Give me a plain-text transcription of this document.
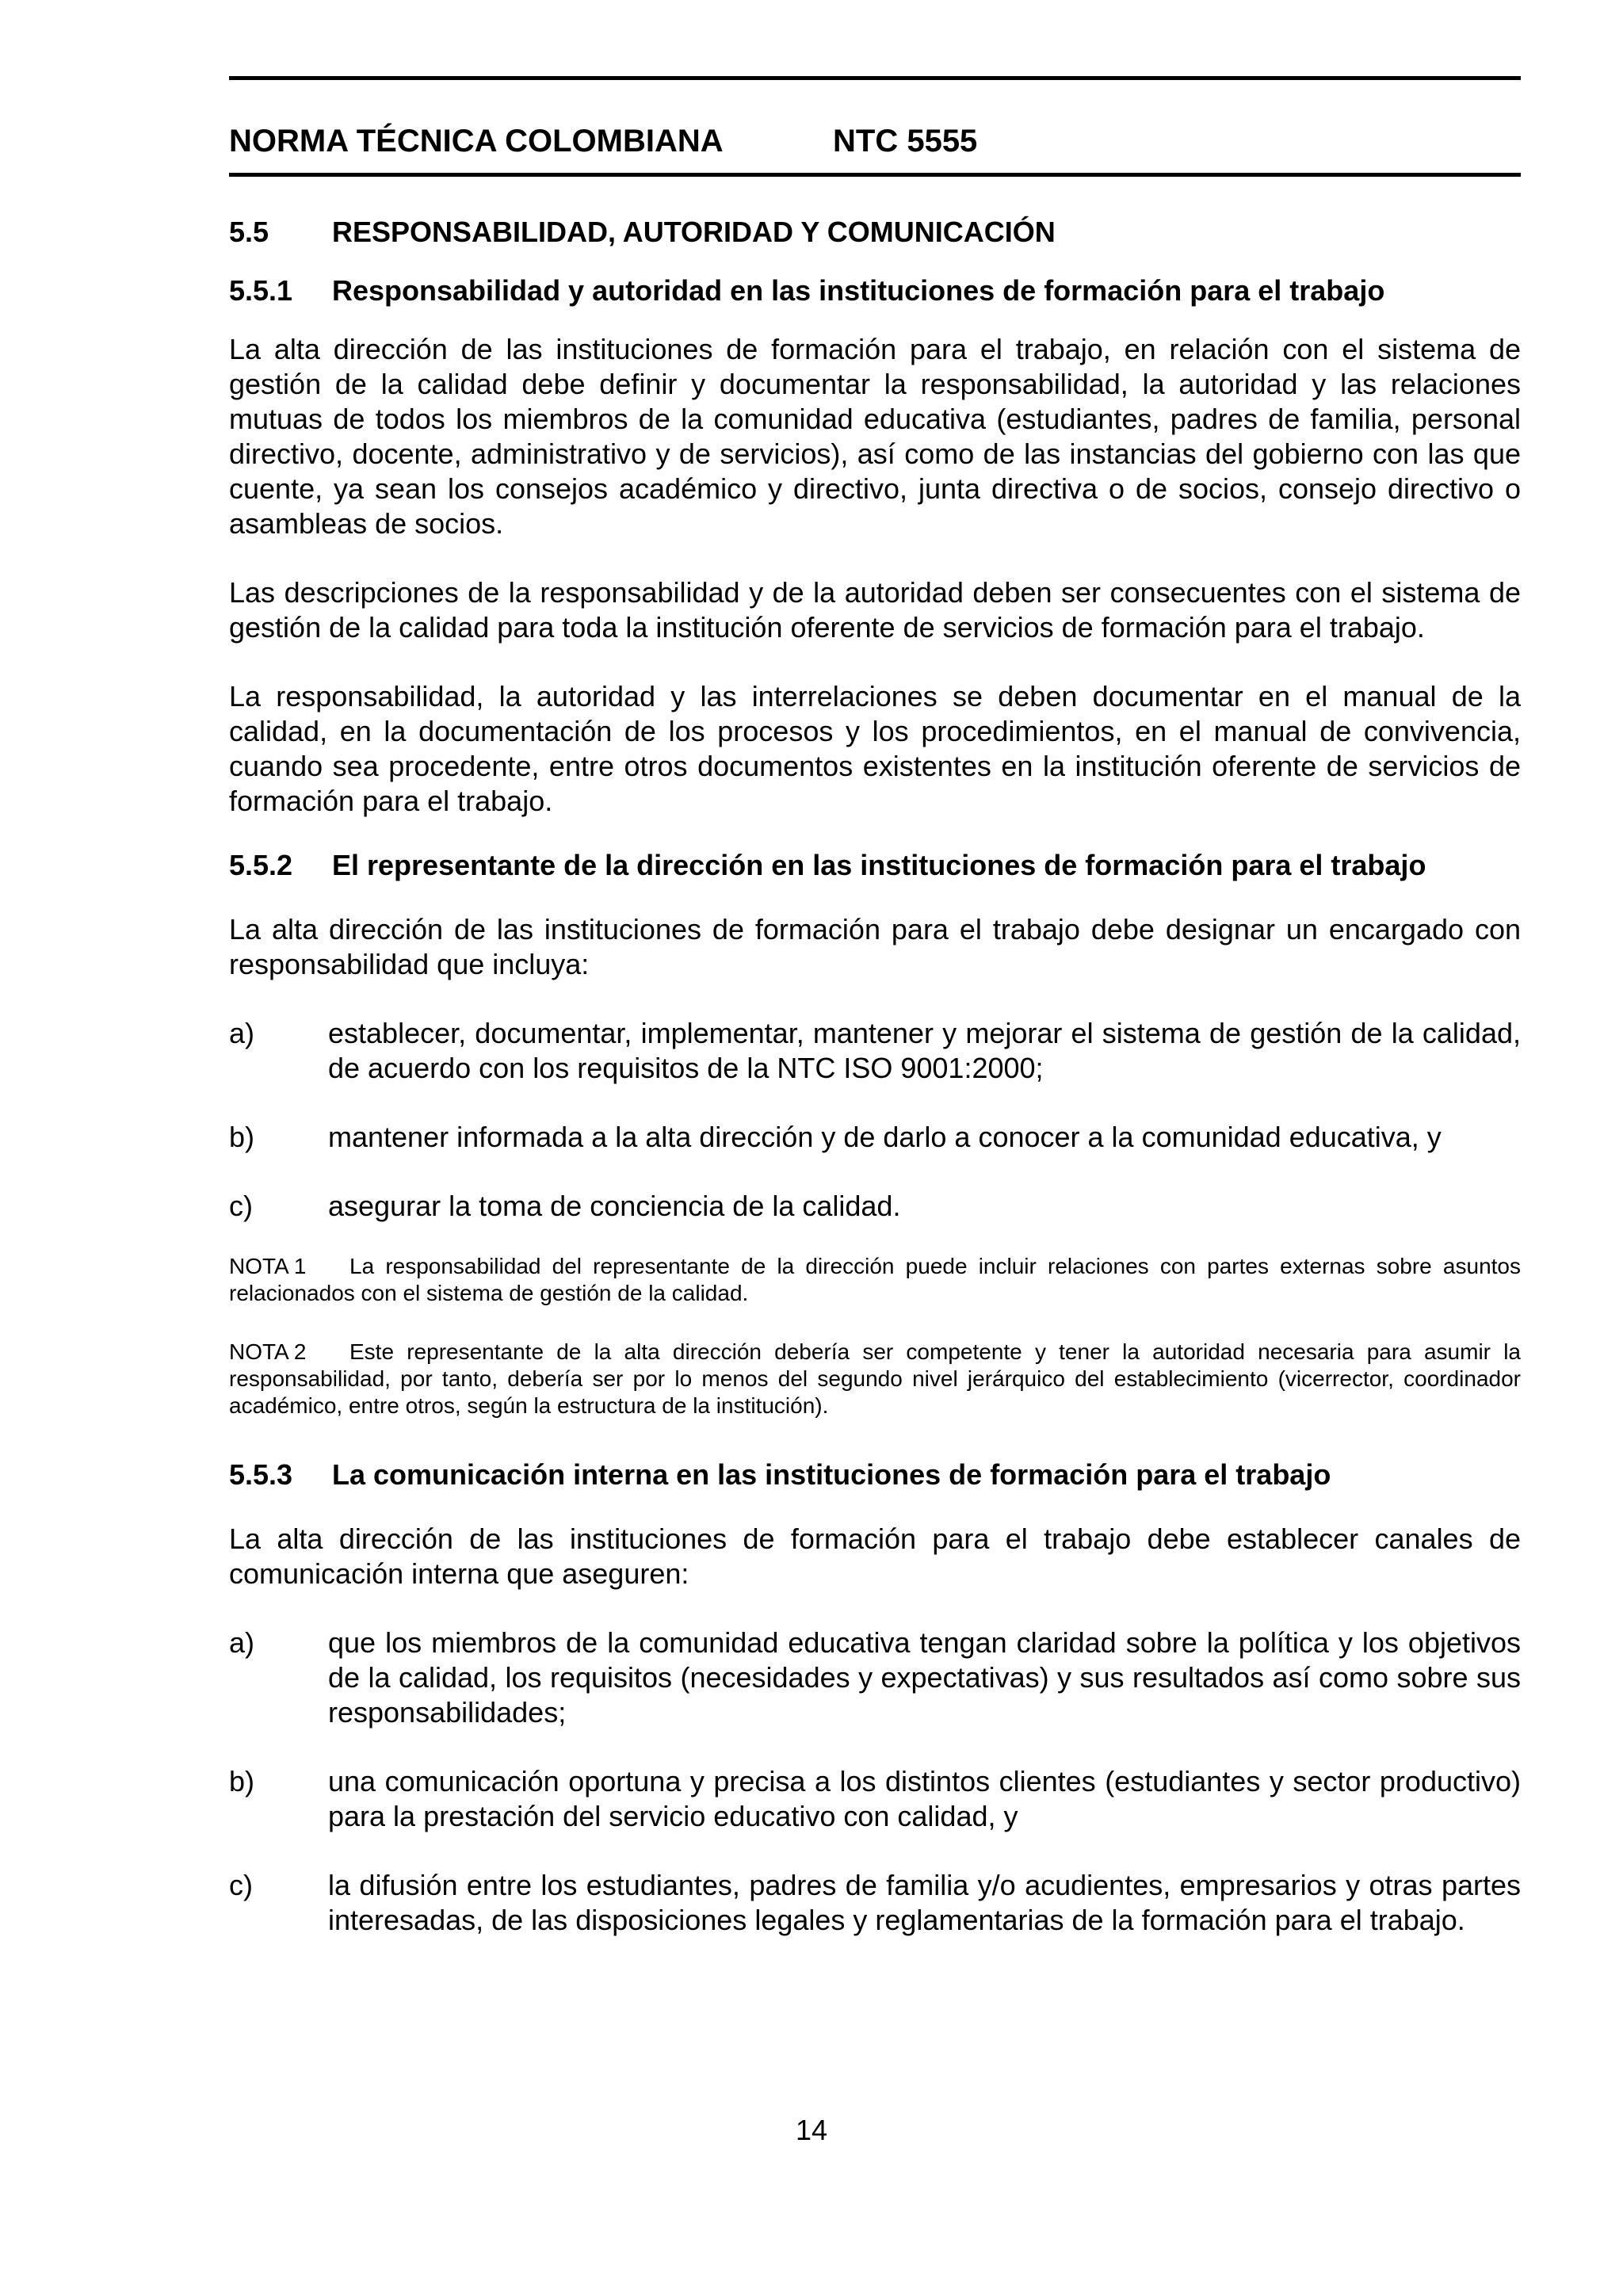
NORMA TÉCNICA COLOMBIANA	NTC 5555
5.5	RESPONSABILIDAD, AUTORIDAD Y COMUNICACIÓN
5.5.1	Responsabilidad y autoridad en las instituciones de formación para el trabajo
La alta dirección de las instituciones de formación para el trabajo, en relación con el sistema de gestión de la calidad debe definir y documentar la responsabilidad, la autoridad y las relaciones mutuas de todos los miembros de la comunidad educativa (estudiantes, padres de familia, personal directivo, docente, administrativo y de servicios), así como de las instancias del gobierno con las que cuente, ya sean los consejos académico y directivo, junta directiva o de socios, consejo directivo o asambleas de socios.
Las descripciones de la responsabilidad y de la autoridad deben ser consecuentes con el sistema de gestión de la calidad para toda la institución oferente de servicios de formación para el trabajo.
La responsabilidad, la autoridad y las interrelaciones se deben documentar en el manual de la calidad, en la documentación de los procesos y los procedimientos, en el manual de convivencia, cuando sea procedente, entre otros documentos existentes en la institución oferente de servicios de formación para el trabajo.
5.5.2	El representante de la dirección en las instituciones de formación para el trabajo
La alta dirección de las instituciones de formación para el trabajo debe designar un encargado con responsabilidad que incluya:
a)	establecer, documentar, implementar, mantener y mejorar el sistema de gestión de la calidad, de acuerdo con los requisitos de la NTC ISO 9001:2000;
b)	mantener informada a la alta dirección y de darlo a conocer a la comunidad educativa, y
c)	asegurar la toma de conciencia de la calidad.
NOTA 1 La responsabilidad del representante de la dirección puede incluir relaciones con partes externas sobre asuntos relacionados con el sistema de gestión de la calidad.
NOTA 2 Este representante de la alta dirección debería ser competente y tener la autoridad necesaria para asumir la responsabilidad, por tanto, debería ser por lo menos del segundo nivel jerárquico del establecimiento (vicerrector, coordinador académico, entre otros, según la estructura de la institución).
5.5.3	La comunicación interna en las instituciones de formación para el trabajo
La alta dirección de las instituciones de formación para el trabajo debe establecer canales de comunicación interna que aseguren:
a)	que los miembros de la comunidad educativa tengan claridad sobre la política y los objetivos de la calidad, los requisitos (necesidades y expectativas) y sus resultados así como sobre sus responsabilidades;
b)	una comunicación oportuna y precisa a los distintos clientes (estudiantes y sector productivo) para la prestación del servicio educativo con calidad, y
c)	la difusión entre los estudiantes, padres de familia y/o acudientes, empresarios y otras partes interesadas, de las disposiciones legales y reglamentarias de la formación para el trabajo.
14
